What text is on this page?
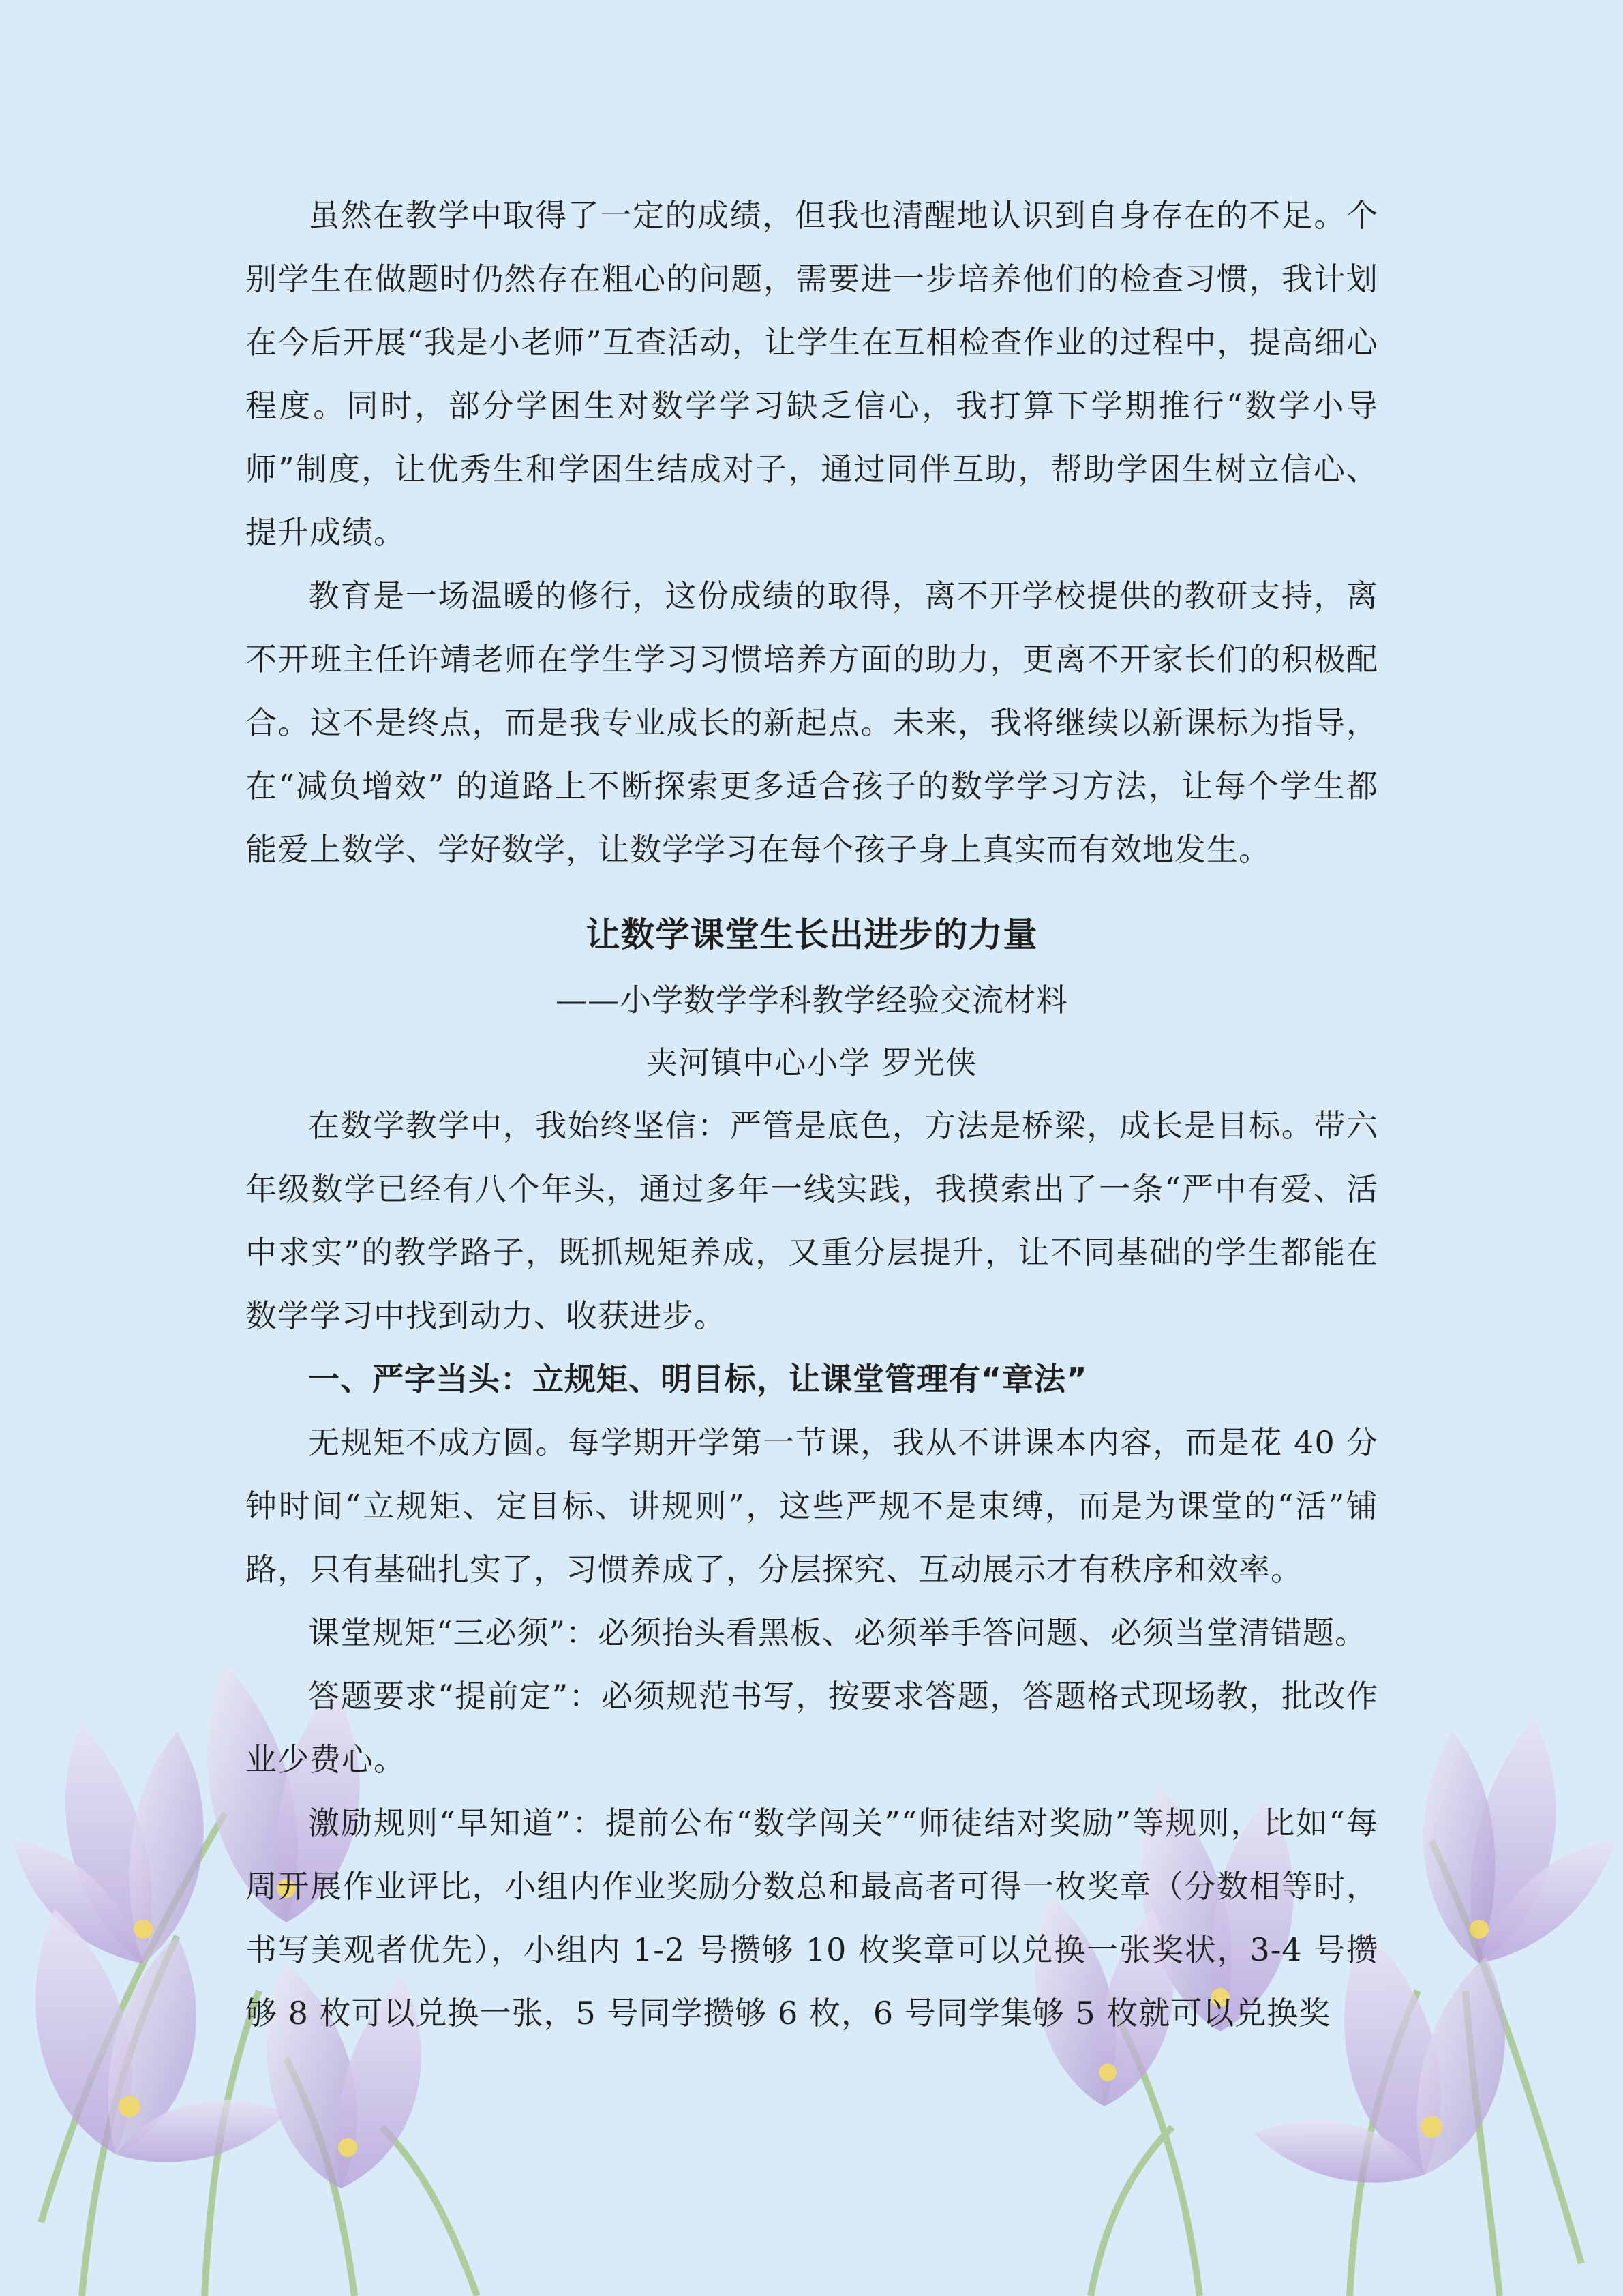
虽然在教学中取得了一定的成绩，但我也清醒地认识到自身存在的不足。个别学生在做题时仍然存在粗心的问题，需要进一步培养他们的检查习惯，我计划在今后开展“我是小老师”互查活动，让学生在互相检查作业的过程中，提高细心程度。同时，部分学困生对数学学习缺乏信心，我打算下学期推行“数学小导师”制度，让优秀生和学困生结成对子，通过同伴互助，帮助学困生树立信心、提升成绩。

教育是一场温暖的修行，这份成绩的取得，离不开学校提供的教研支持，离不开班主任许靖老师在学生学习习惯培养方面的助力，更离不开家长们的积极配合。这不是终点，而是我专业成长的新起点。未来，我将继续以新课标为指导，在“减负增效” 的道路上不断探索更多适合孩子的数学学习方法，让每个学生都能爱上数学、学好数学，让数学学习在每个孩子身上真实而有效地发生。

让数学课堂生长出进步的力量
——小学数学学科教学经验交流材料
夹河镇中心小学 罗光侠

在数学教学中，我始终坚信：严管是底色，方法是桥梁，成长是目标。带六年级数学已经有八个年头，通过多年一线实践，我摸索出了一条“严中有爱、活中求实”的教学路子，既抓规矩养成，又重分层提升，让不同基础的学生都能在数学学习中找到动力、收获进步。

一、严字当头：立规矩、明目标，让课堂管理有“章法”

无规矩不成方圆。每学期开学第一节课，我从不讲课本内容，而是花 40 分钟时间“立规矩、定目标、讲规则”，这些严规不是束缚，而是为课堂的“活”铺路，只有基础扎实了，习惯养成了，分层探究、互动展示才有秩序和效率。

课堂规矩“三必须”：必须抬头看黑板、必须举手答问题、必须当堂清错题。

答题要求“提前定”：必须规范书写，按要求答题，答题格式现场教，批改作业少费心。

激励规则“早知道”：提前公布“数学闯关”“师徒结对奖励”等规则，比如“每周开展作业评比，小组内作业奖励分数总和最高者可得一枚奖章（分数相等时，书写美观者优先），小组内 1-2 号攒够 10 枚奖章可以兑换一张奖状，3-4 号攒够 8 枚可以兑换一张，5 号同学攒够 6 枚，6 号同学集够 5 枚就可以兑换奖
